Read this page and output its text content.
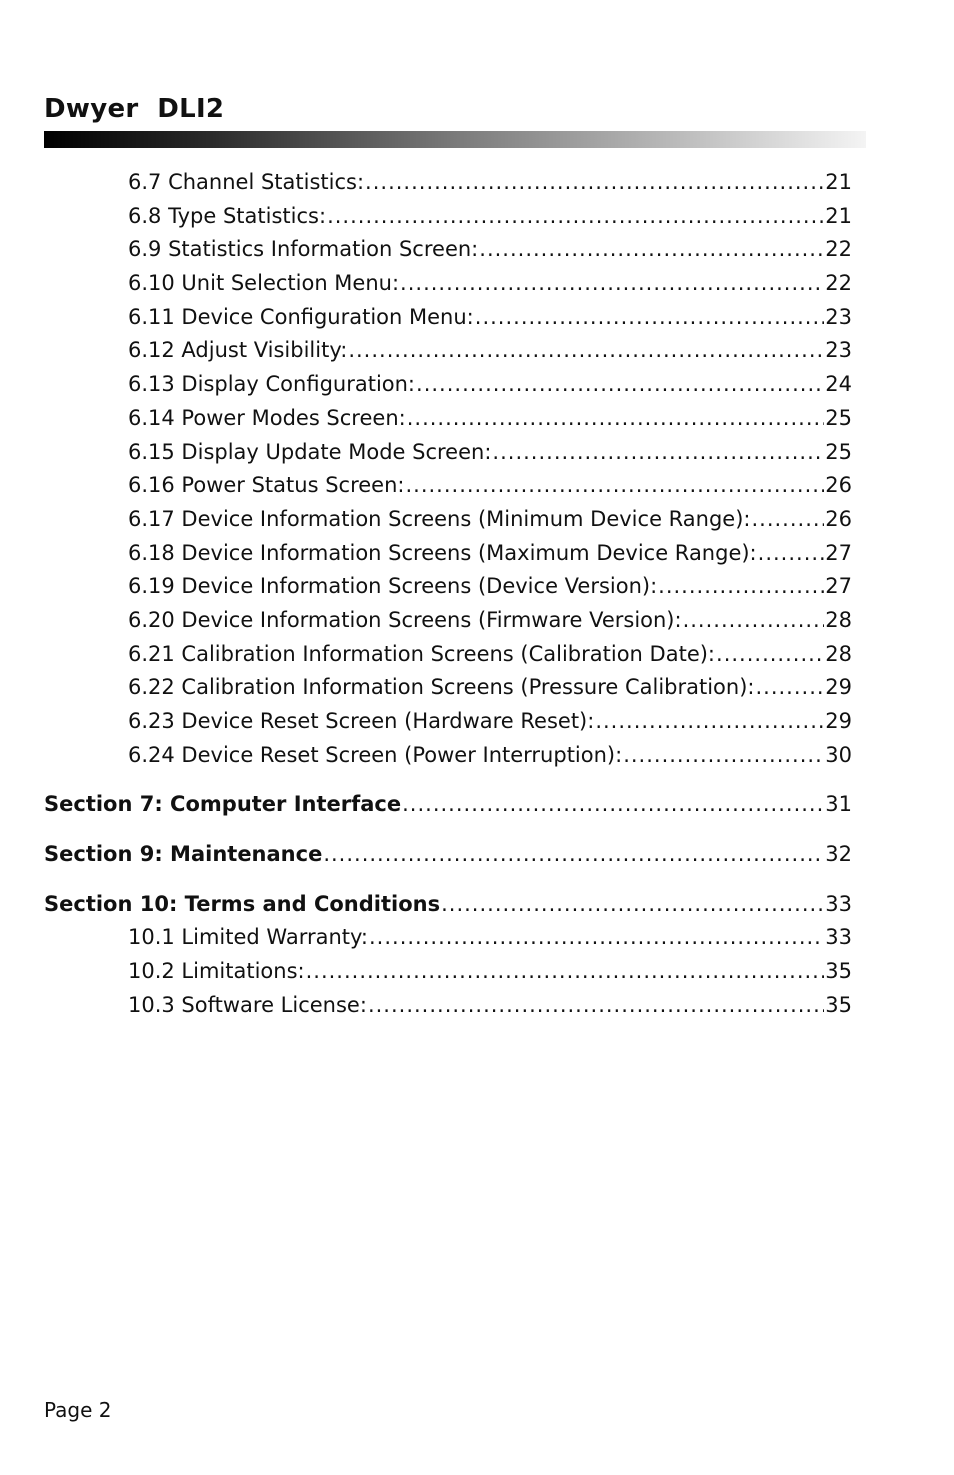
Dwyer  DLI2
6.7 Channel Statistics: .....	21
6.8 Type Statistics: .....	21
6.9 Statistics Information Screen: .....	22
6.10 Unit Selection Menu: .....	22
6.11 Device Configuration Menu: .....	23
6.12 Adjust Visibility: .....	23
6.13 Display Configuration: .....	24
6.14 Power Modes Screen: .....	25
6.15 Display Update Mode Screen: .....	25
6.16 Power Status Screen: .....	26
6.17 Device Information Screens (Minimum Device Range): .....	26
6.18 Device Information Screens (Maximum Device Range): .....	27
6.19 Device Information Screens (Device Version): .....	27
6.20 Device Information Screens (Firmware Version): .....	28
6.21 Calibration Information Screens (Calibration Date): .....	28
6.22 Calibration Information Screens (Pressure Calibration): .....	29
6.23 Device Reset Screen (Hardware Reset): .....	29
6.24 Device Reset Screen (Power Interruption): .....	30
Section 7: Computer Interface .....	31
Section 9: Maintenance .....	32
Section 10: Terms and Conditions .....	33
10.1 Limited Warranty: .....	33
10.2 Limitations: .....	35
10.3 Software License: .....	35
Page 2
